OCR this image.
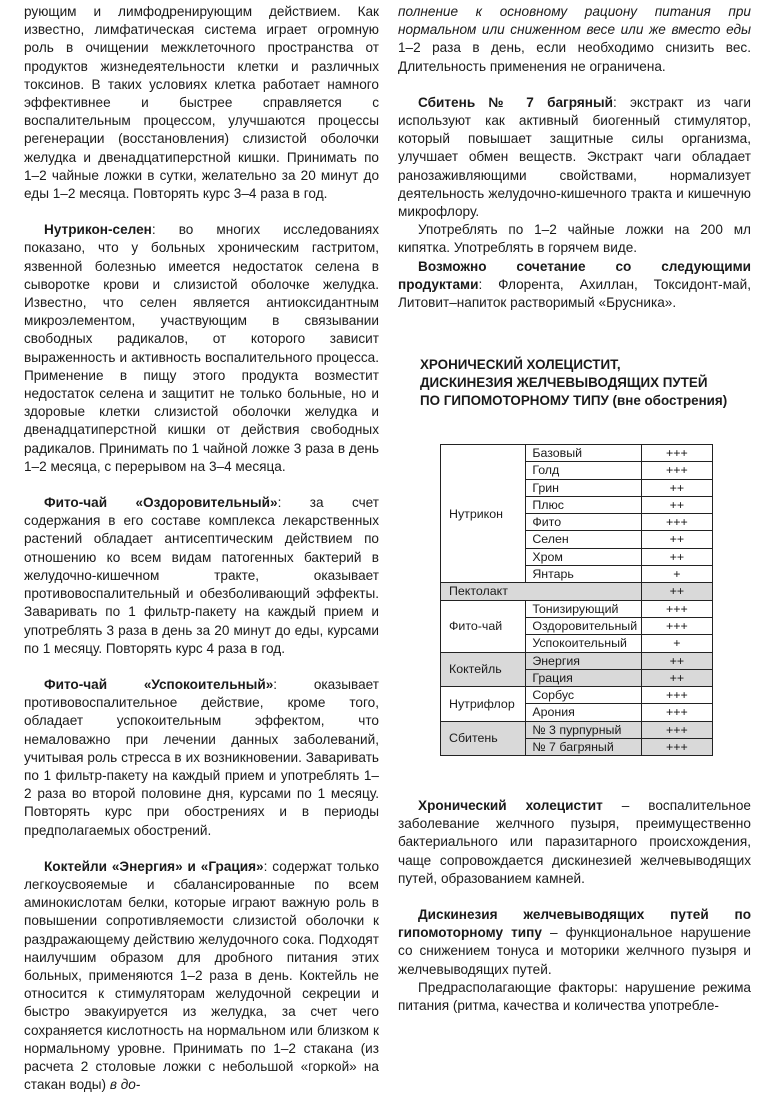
рующим и лимфодренирующим действием. Как известно, лимфатическая система играет огромную роль в очищении межклеточного пространства от продуктов жизнедеятельности клетки и различных токсинов. В таких условиях клетка работает намного эффективнее и быстрее справляется с воспалительным процессом, улучшаются процессы регенерации (восстановления) слизистой оболочки желудка и двенадцатиперстной кишки. Принимать по 1–2 чайные ложки в сутки, желательно за 20 минут до еды 1–2 месяца. Повторять курс 3–4 раза в год.

Нутрикон-селен: во многих исследованиях показано, что у больных хроническим гастритом, язвенной болезнью имеется недостаток селена в сыворотке крови и слизистой оболочке желудка. Известно, что селен является антиоксидантным микроэлементом, участвующим в связывании свободных радикалов, от которого зависит выраженность и активность воспалительного процесса. Применение в пищу этого продукта возместит недостаток селена и защитит не только больные, но и здоровые клетки слизистой оболочки желудка и двенадцатиперстной кишки от действия свободных радикалов. Принимать по 1 чайной ложке 3 раза в день 1–2 месяца, с перерывом на 3–4 месяца.

Фито-чай «Оздоровительный»: за счет содержания в его составе комплекса лекарственных растений обладает антисептическим действием по отношению ко всем видам патогенных бактерий в желудочно-кишечном тракте, оказывает противовоспалительный и обезболивающий эффекты. Заваривать по 1 фильтр-пакету на каждый прием и употреблять 3 раза в день за 20 минут до еды, курсами по 1 месяцу. Повторять курс 4 раза в год.

Фито-чай «Успокоительный»: оказывает противовоспалительное действие, кроме того, обладает успокоительным эффектом, что немаловажно при лечении данных заболеваний, учитывая роль стресса в их возникновении. Заваривать по 1 фильтр-пакету на каждый прием и употреблять 1–2 раза во второй половине дня, курсами по 1 месяцу. Повторять курс при обострениях и в периоды предполагаемых обострений.

Коктейли «Энергия» и «Грация»: содержат только легкоусвояемые и сбалансированные по всем аминокислотам белки, которые играют важную роль в повышении сопротивляемости слизистой оболочки к раздражающему действию желудочного сока. Подходят наилучшим образом для дробного питания этих больных, применяются 1–2 раза в день. Коктейль не относится к стимуляторам желудочной секреции и быстро эвакуируется из желудка, за счет чего сохраняется кислотность на нормальном или близком к нормальному уровне. Принимать по 1–2 стакана (из расчета 2 столовые ложки с небольшой «горкой» на стакан воды) в до-

полнение к основному рациону питания при нормальном или сниженном весе или же вместо еды 1–2 раза в день, если необходимо снизить вес. Длительность применения не ограничена.

Сбитень № 7 багряный: экстракт из чаги используют как активный биогенный стимулятор, который повышает защитные силы организма, улучшает обмен веществ. Экстракт чаги обладает ранозаживляющими свойствами, нормализует деятельность желудочно-кишечного тракта и кишечную микрофлору.

Употреблять по 1–2 чайные ложки на 200 мл кипятка. Употреблять в горячем виде.

Возможно сочетание со следующими продуктами: Флорента, Ахиллан, Токсидонт-май, Литовит–напиток растворимый «Брусника».

ХРОНИЧЕСКИЙ ХОЛЕЦИСТИТ,
ДИСКИНЕЗИЯ ЖЕЛЧЕВЫВОДЯЩИХ ПУТЕЙ
ПО ГИПОМОТОРНОМУ ТИПУ (вне обострения)
Нутрикон	Базовый	+++
	Голд	+++
	Грин	++
	Плюс	++
	Фито	+++
	Селен	++
	Хром	++
	Янтарь	+
Пектолакт		++
Фито-чай	Тонизирующий	+++
	Оздоровительный	+++
	Успокоительный	+
Коктейль	Энергия	++
	Грация	++
Нутрифлор	Сорбус	+++
	Арония	+++
Сбитень	№ 3 пурпурный	+++
	№ 7 багряный	+++

Хронический холецистит – воспалительное заболевание желчного пузыря, преимущественно бактериального или паразитарного происхождения, чаще сопровождается дискинезией желчевыводящих путей, образованием камней.

Дискинезия желчевыводящих путей по гипомоторному типу – функциональное нарушение со снижением тонуса и моторики желчного пузыря и желчевыводящих путей.

Предрасполагающие факторы: нарушение режима питания (ритма, качества и количества употребле-
